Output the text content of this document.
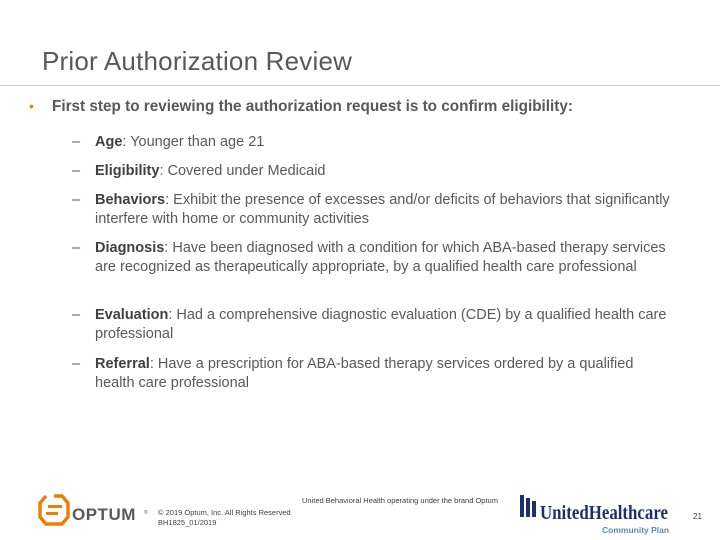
Prior Authorization Review
• First step to reviewing the authorization request is to confirm eligibility:
–	Age: Younger than age 21
–	Eligibility: Covered under Medicaid
–	Behaviors: Exhibit the presence of excesses and/or deficits of behaviors that significantly interfere with home or community activities
–	Diagnosis: Have been diagnosed with a condition for which ABA-based therapy services are recognized as therapeutically appropriate, by a qualified health care professional
–	Evaluation: Had a comprehensive diagnostic evaluation (CDE) by a qualified health care professional
–	Referral: Have a prescription for ABA-based therapy services ordered by a qualified health care professional
OPTUM ® © 2019 Optum, Inc. All Rights Reserved
BH1825_01/2019
United Behavioral Health operating under the brand Optum
UnitedHealthcare
Community Plan
21
